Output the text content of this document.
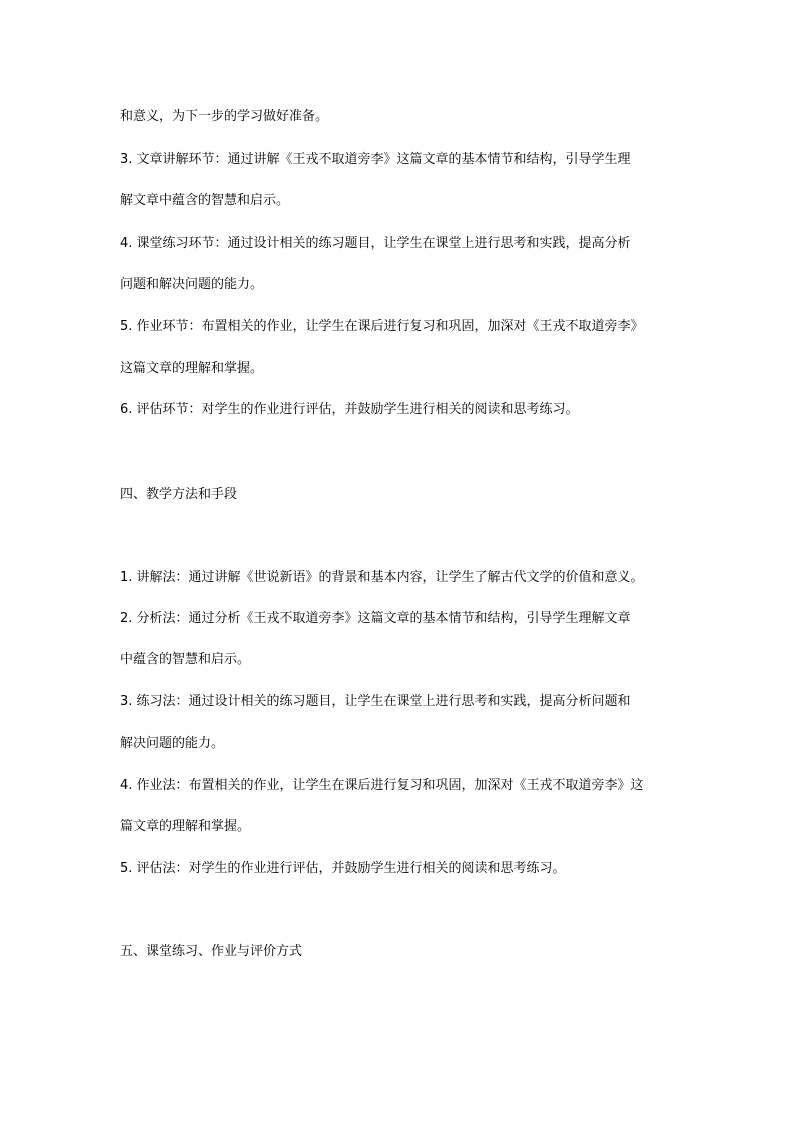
和意义，为下一步的学习做好准备。
3. 文章讲解环节：通过讲解《王戎不取道旁李》这篇文章的基本情节和结构，引导学生理
解文章中蕴含的智慧和启示。
4. 课堂练习环节：通过设计相关的练习题目，让学生在课堂上进行思考和实践，提高分析
问题和解决问题的能力。
5. 作业环节：布置相关的作业，让学生在课后进行复习和巩固，加深对《王戎不取道旁李》
这篇文章的理解和掌握。
6. 评估环节：对学生的作业进行评估，并鼓励学生进行相关的阅读和思考练习。
四、教学方法和手段
1. 讲解法：通过讲解《世说新语》的背景和基本内容，让学生了解古代文学的价值和意义。
2. 分析法：通过分析《王戎不取道旁李》这篇文章的基本情节和结构，引导学生理解文章
中蕴含的智慧和启示。
3. 练习法：通过设计相关的练习题目，让学生在课堂上进行思考和实践，提高分析问题和
解决问题的能力。
4. 作业法：布置相关的作业，让学生在课后进行复习和巩固，加深对《王戎不取道旁李》这
篇文章的理解和掌握。
5. 评估法：对学生的作业进行评估，并鼓励学生进行相关的阅读和思考练习。
五、课堂练习、作业与评价方式
